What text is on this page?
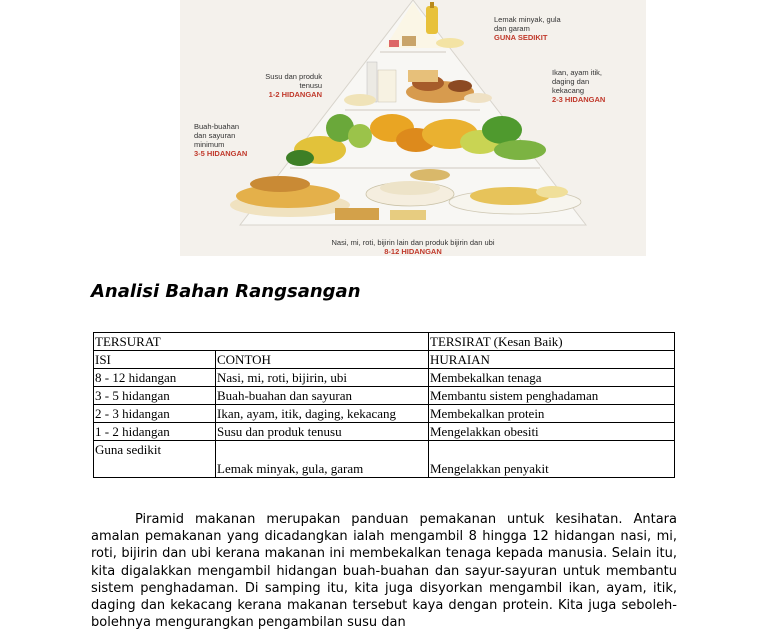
Lemak minyak, gula
dan garam
GUNA SEDIKIT
Susu dan produk
tenusu
1-2 HIDANGAN
Ikan, ayam itik,
daging dan
kekacang
2-3 HIDANGAN
Buah-buahan
dan sayuran
minimum
3-5 HIDANGAN
Nasi, mi, roti, bijirin lain dan produk bijirin dan ubi
8-12 HIDANGAN
Analisi Bahan Rangsangan
TERSURAT		TERSIRAT (Kesan Baik)
ISI	CONTOH	HURAIAN
8 - 12 hidangan	Nasi, mi, roti, bijirin, ubi	Membekalkan tenaga
3 - 5 hidangan	Buah-buahan dan sayuran	Membantu sistem penghadaman
2 - 3 hidangan	Ikan, ayam, itik, daging, kekacang	Membekalkan protein
1 - 2 hidangan	Susu dan produk tenusu	Mengelakkan obesiti
Guna sedikit	Lemak minyak, gula, garam	Mengelakkan penyakit

Piramid makanan merupakan panduan pemakanan untuk kesihatan. Antara amalan pemakanan yang dicadangkan ialah mengambil 8 hingga 12 hidangan nasi, mi, roti, bijirin dan ubi kerana makanan ini membekalkan tenaga kepada manusia. Selain itu, kita digalakkan mengambil hidangan buah-buahan dan sayur-sayuran untuk membantu sistem penghadaman. Di samping itu, kita juga disyorkan mengambil ikan, ayam, itik, daging dan kekacang kerana makanan tersebut kaya dengan protein. Kita juga seboleh-bolehnya mengurangkan pengambilan susu dan
